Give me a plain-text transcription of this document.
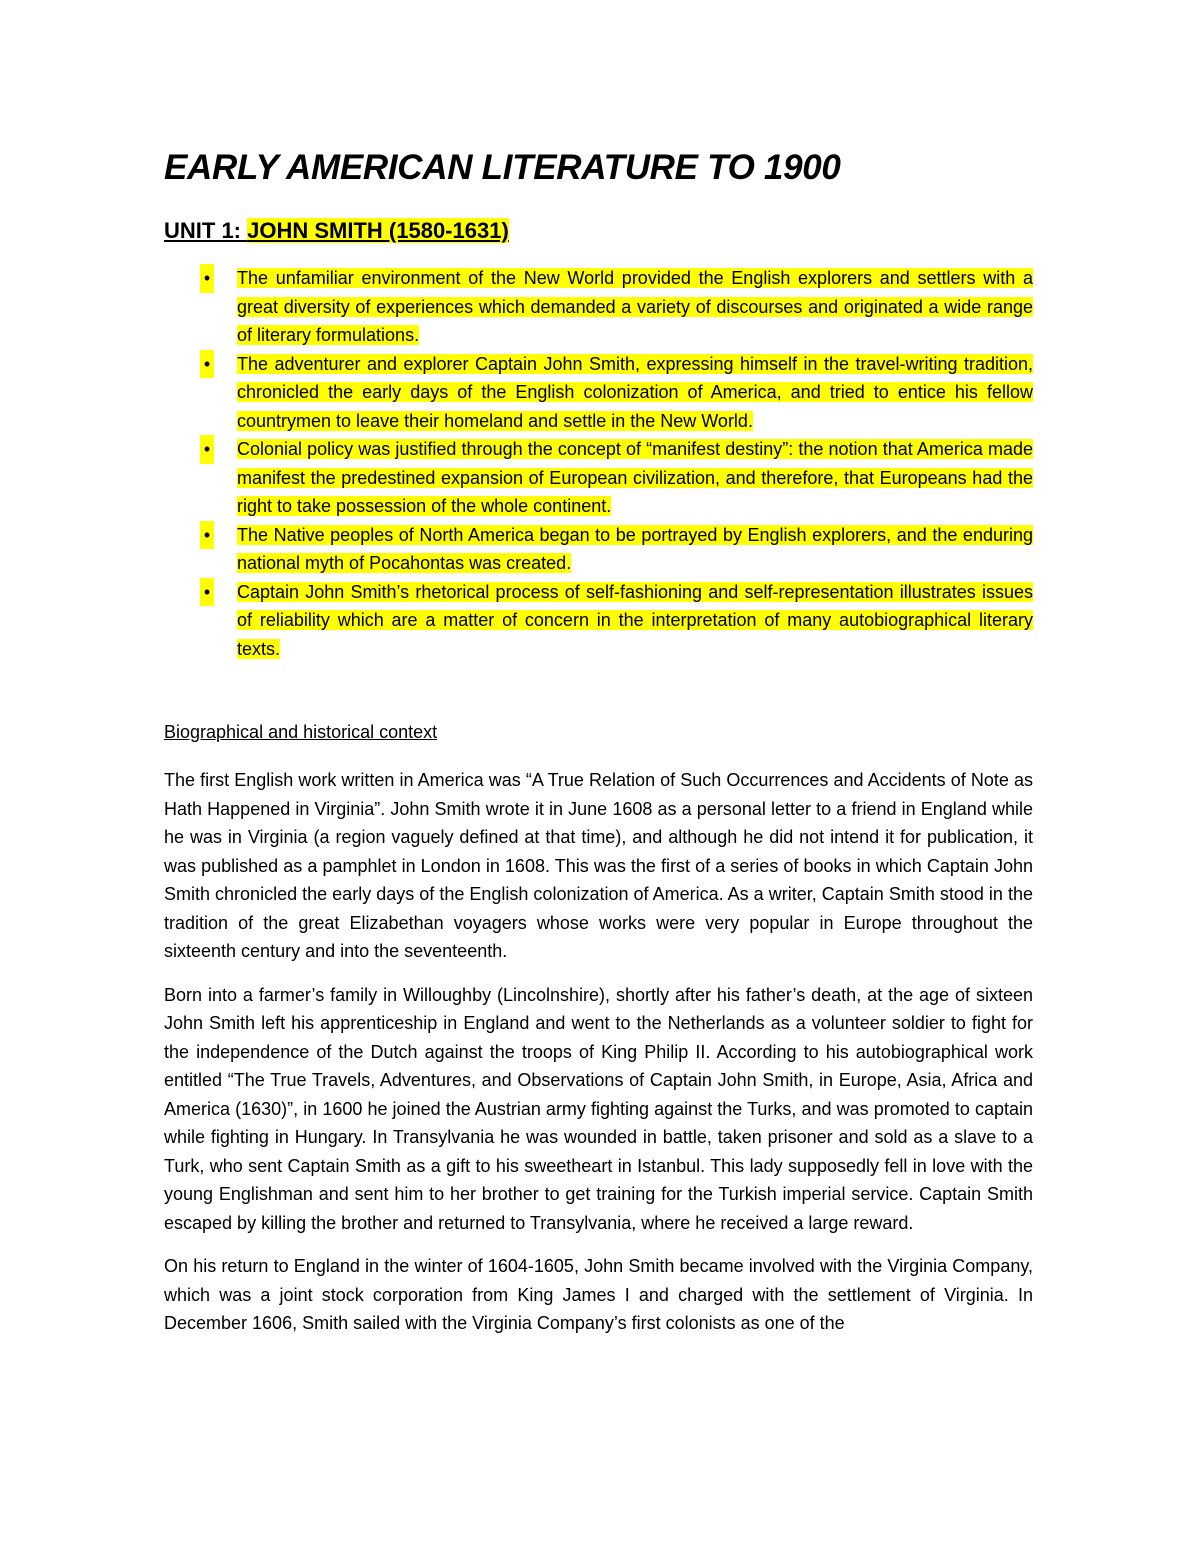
EARLY AMERICAN LITERATURE TO 1900
UNIT 1: JOHN SMITH (1580-1631)
• The unfamiliar environment of the New World provided the English explorers and settlers with a great diversity of experiences which demanded a variety of discourses and originated a wide range of literary formulations.
• The adventurer and explorer Captain John Smith, expressing himself in the travel-writing tradition, chronicled the early days of the English colonization of America, and tried to entice his fellow countrymen to leave their homeland and settle in the New World.
• Colonial policy was justified through the concept of “manifest destiny”: the notion that America made manifest the predestined expansion of European civilization, and therefore, that Europeans had the right to take possession of the whole continent.
• The Native peoples of North America began to be portrayed by English explorers, and the enduring national myth of Pocahontas was created.
• Captain John Smith’s rhetorical process of self-fashioning and self-representation illustrates issues of reliability which are a matter of concern in the interpretation of many autobiographical literary texts.
Biographical and historical context

The first English work written in America was “A True Relation of Such Occurrences and Accidents of Note as Hath Happened in Virginia”. John Smith wrote it in June 1608 as a personal letter to a friend in England while he was in Virginia (a region vaguely defined at that time), and although he did not intend it for publication, it was published as a pamphlet in London in 1608. This was the first of a series of books in which Captain John Smith chronicled the early days of the English colonization of America. As a writer, Captain Smith stood in the tradition of the great Elizabethan voyagers whose works were very popular in Europe throughout the sixteenth century and into the seventeenth.

Born into a farmer’s family in Willoughby (Lincolnshire), shortly after his father’s death, at the age of sixteen John Smith left his apprenticeship in England and went to the Netherlands as a volunteer soldier to fight for the independence of the Dutch against the troops of King Philip II. According to his autobiographical work entitled “The True Travels, Adventures, and Observations of Captain John Smith, in Europe, Asia, Africa and America (1630)”, in 1600 he joined the Austrian army fighting against the Turks, and was promoted to captain while fighting in Hungary. In Transylvania he was wounded in battle, taken prisoner and sold as a slave to a Turk, who sent Captain Smith as a gift to his sweetheart in Istanbul. This lady supposedly fell in love with the young Englishman and sent him to her brother to get training for the Turkish imperial service. Captain Smith escaped by killing the brother and returned to Transylvania, where he received a large reward.

On his return to England in the winter of 1604-1605, John Smith became involved with the Virginia Company, which was a joint stock corporation from King James I and charged with the settlement of Virginia. In December 1606, Smith sailed with the Virginia Company’s first colonists as one of the
